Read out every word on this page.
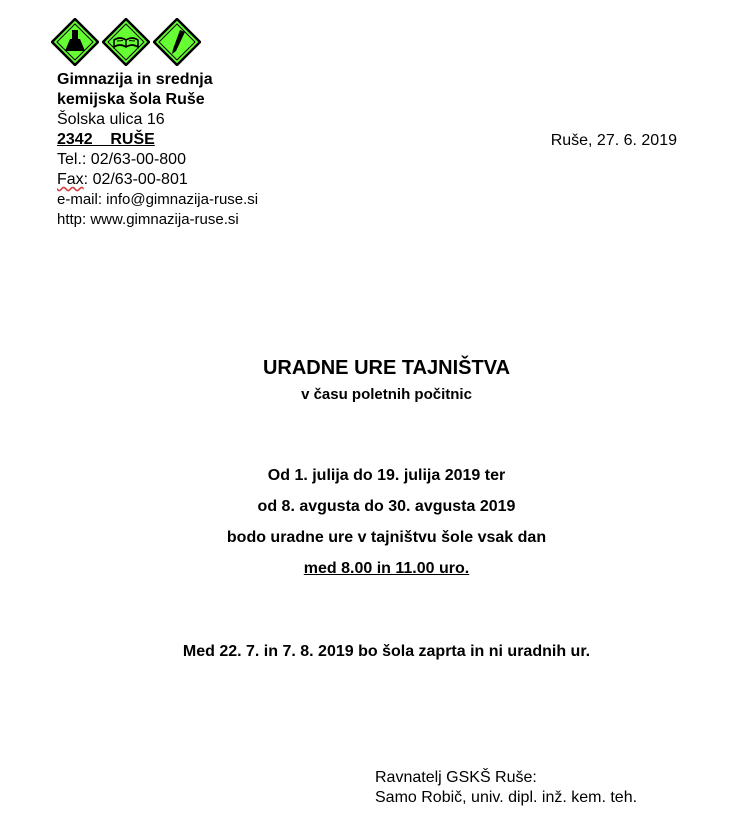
Gimnazija in srednja
kemijska šola Ruše
Šolska ulica 16
2342    RUŠE
Tel.: 02/63-00-800
Fax: 02/63-00-801
e-mail: info@gimnazija-ruse.si
http: www.gimnazija-ruse.si
Ruše, 27. 6. 2019
URADNE URE TAJNIŠTVA
v času poletnih počitnic
Od 1. julija do 19. julija 2019 ter
od 8. avgusta do 30. avgusta 2019
bodo uradne ure v tajništvu šole vsak dan
med 8.00 in 11.00 uro.
Med 22. 7. in 7. 8. 2019 bo šola zaprta in ni uradnih ur.
Ravnatelj GSKŠ Ruše:
Samo Robič, univ. dipl. inž. kem. teh.
